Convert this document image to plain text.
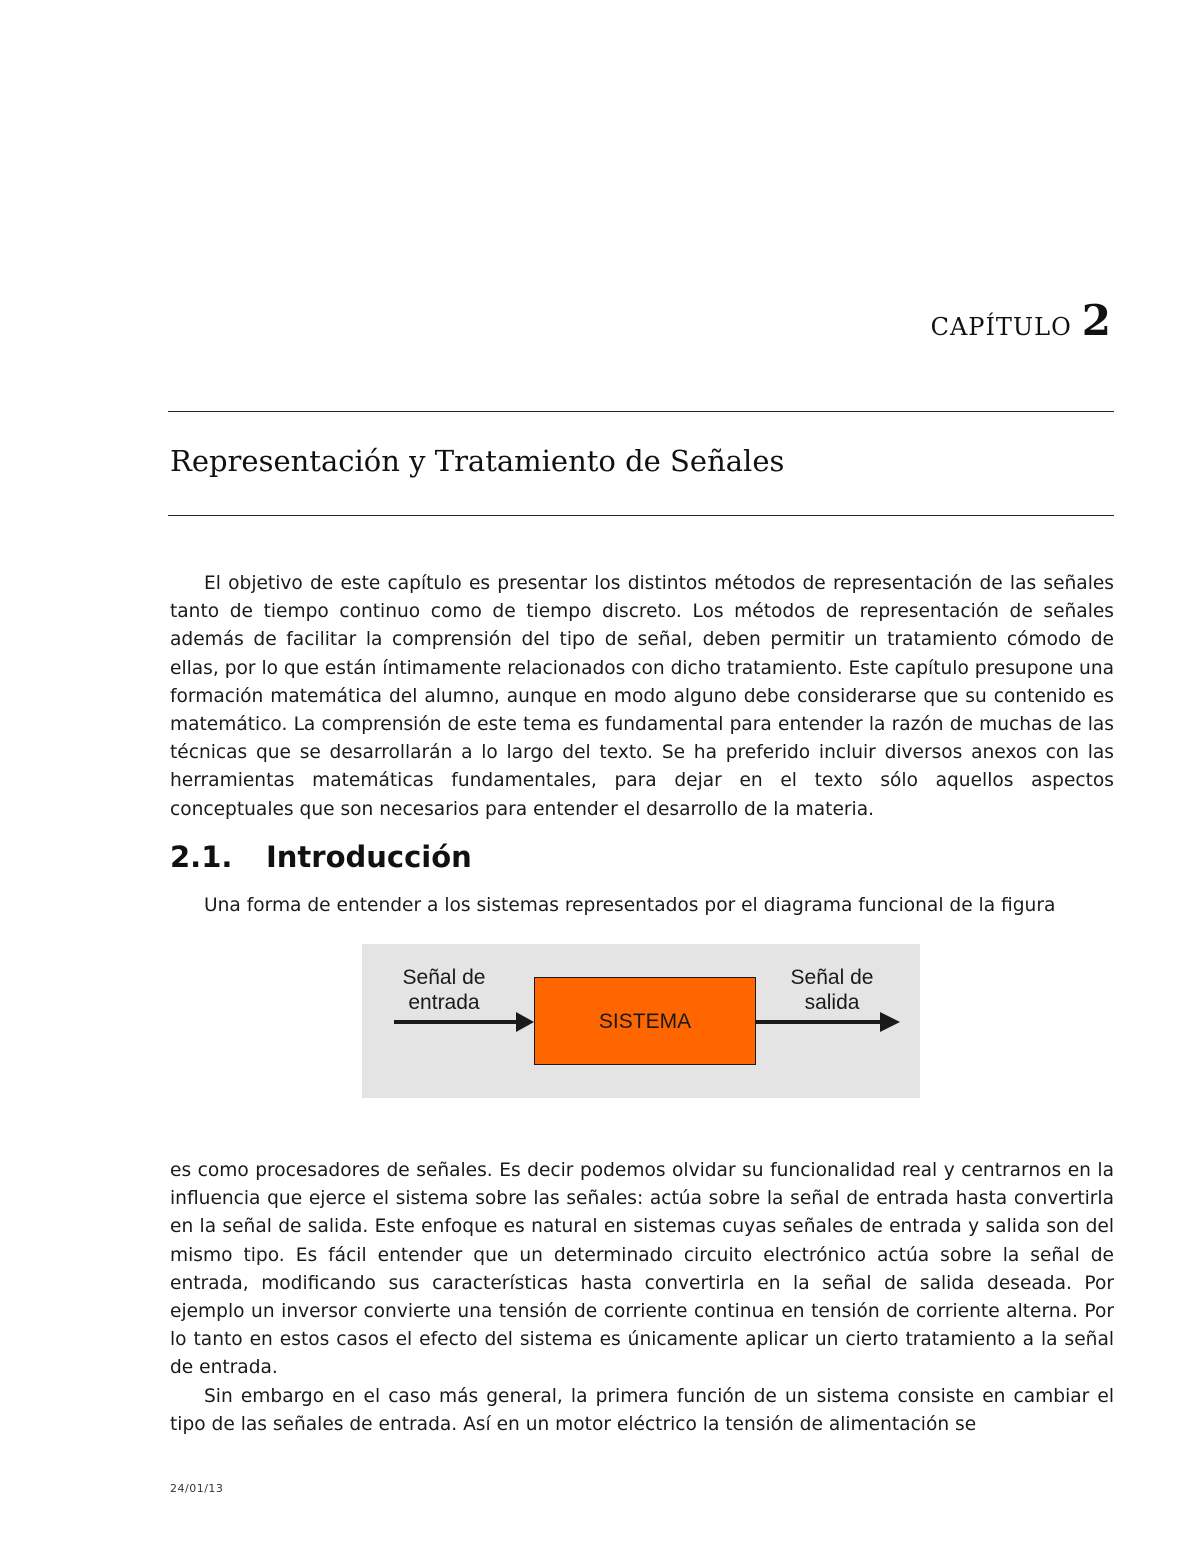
capítulo 2
Representación y Tratamiento de Señales

El objetivo de este capítulo es presentar los distintos métodos de representación de las señales tanto de tiempo continuo como de tiempo discreto. Los métodos de representación de señales además de facilitar la comprensión del tipo de señal, deben permitir un tratamiento cómodo de ellas, por lo que están íntimamente relacionados con dicho tratamiento. Este capítulo presupone una formación matemática del alumno, aunque en modo alguno debe considerarse que su contenido es matemático. La comprensión de este tema es fundamental para entender la razón de muchas de las técnicas que se desarrollarán a lo largo del texto. Se ha preferido incluir diversos anexos con las herramientas matemáticas fundamentales, para dejar en el texto sólo aquellos aspectos conceptuales que son necesarios para entender el desarrollo de la materia.

2.1. Introducción

Una forma de entender a los sistemas representados por el diagrama funcional de la figura

Señal de
entrada
SISTEMA
Señal de
salida

es como procesadores de señales. Es decir podemos olvidar su funcionalidad real y centrarnos en la influencia que ejerce el sistema sobre las señales: actúa sobre la señal de entrada hasta convertirla en la señal de salida. Este enfoque es natural en sistemas cuyas señales de entrada y salida son del mismo tipo. Es fácil entender que un determinado circuito electrónico actúa sobre la señal de entrada, modificando sus características hasta convertirla en la señal de salida deseada. Por ejemplo un inversor convierte una tensión de corriente continua en tensión de corriente alterna. Por lo tanto en estos casos el efecto del sistema es únicamente aplicar un cierto tratamiento a la señal de entrada.

Sin embargo en el caso más general, la primera función de un sistema consiste en cambiar el tipo de las señales de entrada. Así en un motor eléctrico la tensión de alimentación se

24/01/13
